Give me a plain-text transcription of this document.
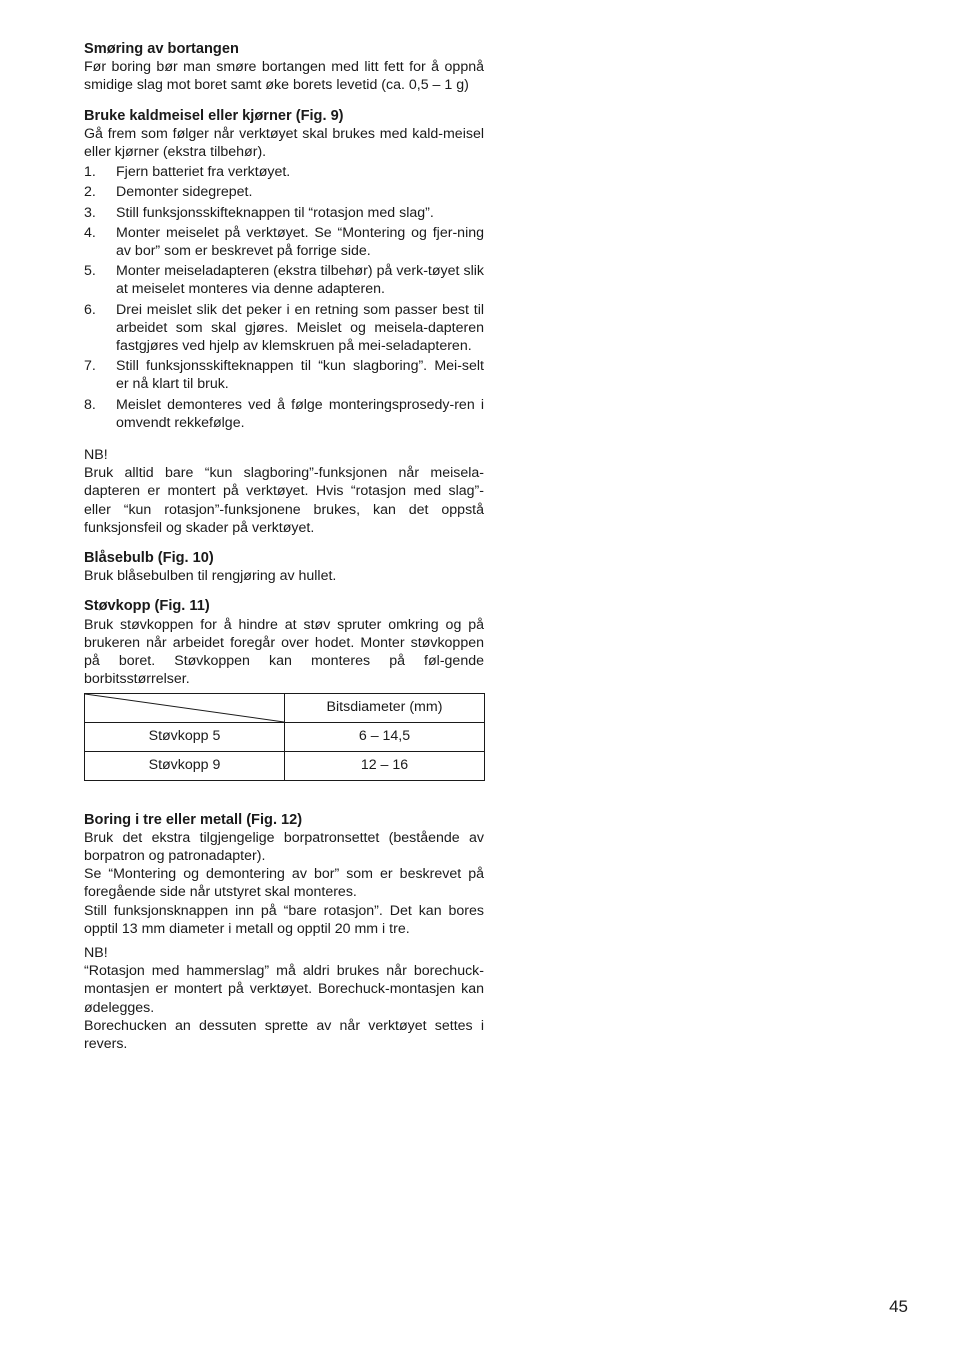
Smøring av bortangen

Før boring bør man smøre bortangen med litt fett for å oppnå smidige slag mot boret samt øke borets levetid (ca. 0,5 – 1 g)

Bruke kaldmeisel eller kjørner (Fig. 9)

Gå frem som følger når verktøyet skal brukes med kald-meisel eller kjørner (ekstra tilbehør).

1.	Fjern batteriet fra verktøyet.
2.	Demonter sidegrepet.
3.	Still funksjonsskifteknappen til “rotasjon med slag”.
4.	Monter meiselet på verktøyet. Se “Montering og fjer-ning av bor” som er beskrevet på forrige side.
5.	Monter meiseladapteren (ekstra tilbehør) på verk-tøyet slik at meiselet monteres via denne adapteren.
6.	Drei meislet slik det peker i en retning som passer best til arbeidet som skal gjøres. Meislet og meisela-dapteren fastgjøres ved hjelp av klemskruen på mei-seladapteren.
7.	Still funksjonsskifteknappen til “kun slagboring”. Mei-selt er nå klart til bruk.
8.	Meislet demonteres ved å følge monteringsprosedy-ren i omvendt rekkefølge.

NB!

Bruk alltid bare “kun slagboring”-funksjonen når meisela-dapteren er montert på verktøyet. Hvis “rotasjon med slag”- eller “kun rotasjon”-funksjonene brukes, kan det oppstå funksjonsfeil og skader på verktøyet.

Blåsebulb (Fig. 10)

Bruk blåsebulben til rengjøring av hullet.

Støvkopp (Fig. 11)

Bruk støvkoppen for å hindre at støv spruter omkring og på brukeren når arbeidet foregår over hodet. Monter støvkoppen på boret. Støvkoppen kan monteres på føl-gende borbitsstørrelser.

	Bitsdiameter (mm)
Støvkopp 5	6 – 14,5
Støvkopp 9	12 – 16
Boring i tre eller metall (Fig. 12)

Bruk det ekstra tilgjengelige borpatronsettet (bestående av borpatron og patronadapter).

Se “Montering og demontering av bor” som er beskrevet på foregående side når utstyret skal monteres.

Still funksjonsknappen inn på “bare rotasjon”. Det kan bores opptil 13 mm diameter i metall og opptil 20 mm i tre.

NB!

“Rotasjon med hammerslag” må aldri brukes når borechuck-montasjen er montert på verktøyet. Borechuck-montasjen kan ødelegges.

Borechucken an dessuten sprette av når verktøyet settes i revers.

45
